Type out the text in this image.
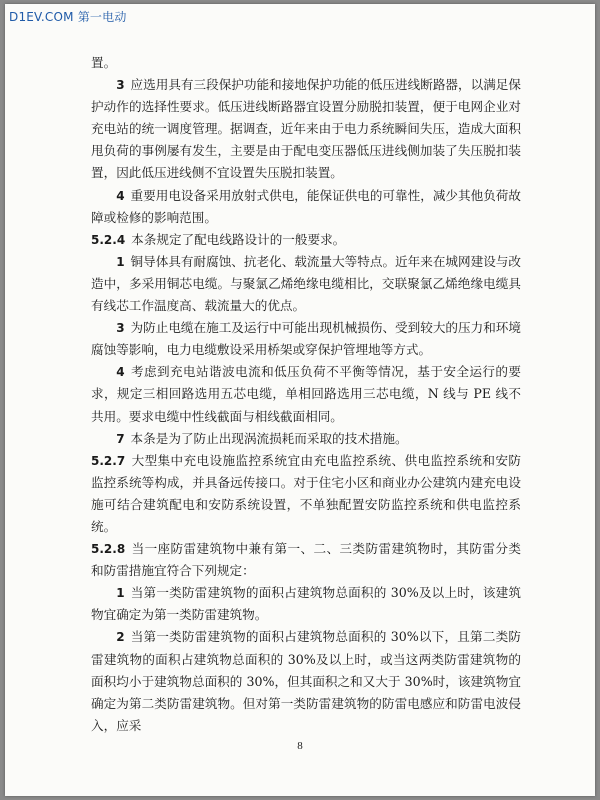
D1EV.COM 第一电动

置。

3 应选用具有三段保护功能和接地保护功能的低压进线断路器，以满足保护动作的选择性要求。低压进线断路器宜设置分励脱扣装置，便于电网企业对充电站的统一调度管理。据调查，近年来由于电力系统瞬间失压，造成大面积甩负荷的事例屡有发生，主要是由于配电变压器低压进线侧加装了失压脱扣装置，因此低压进线侧不宜设置失压脱扣装置。

4 重要用电设备采用放射式供电，能保证供电的可靠性，减少其他负荷故障或检修的影响范围。

5.2.4 本条规定了配电线路设计的一般要求。

1 铜导体具有耐腐蚀、抗老化、载流量大等特点。近年来在城网建设与改造中，多采用铜芯电缆。与聚氯乙烯绝缘电缆相比，交联聚氯乙烯绝缘电缆具有线芯工作温度高、载流量大的优点。

3 为防止电缆在施工及运行中可能出现机械损伤、受到较大的压力和环境腐蚀等影响，电力电缆敷设采用桥架或穿保护管埋地等方式。

4 考虑到充电站谐波电流和低压负荷不平衡等情况，基于安全运行的要求，规定三相回路选用五芯电缆，单相回路选用三芯电缆，N 线与 PE 线不共用。要求电缆中性线截面与相线截面相同。

7 本条是为了防止出现涡流损耗而采取的技术措施。

5.2.7 大型集中充电设施监控系统宜由充电监控系统、供电监控系统和安防监控系统等构成，并具备远传接口。对于住宅小区和商业办公建筑内建充电设施可结合建筑配电和安防系统设置，不单独配置安防监控系统和供电监控系统。

5.2.8 当一座防雷建筑物中兼有第一、二、三类防雷建筑物时，其防雷分类和防雷措施宜符合下列规定：

1 当第一类防雷建筑物的面积占建筑物总面积的 30%及以上时，该建筑物宜确定为第一类防雷建筑物。

2 当第一类防雷建筑物的面积占建筑物总面积的 30%以下，且第二类防雷建筑物的面积占建筑物总面积的 30%及以上时，或当这两类防雷建筑物的面积均小于建筑物总面积的 30%，但其面积之和又大于 30%时，该建筑物宜确定为第二类防雷建筑物。但对第一类防雷建筑物的防雷电感应和防雷电波侵入，应采

8
